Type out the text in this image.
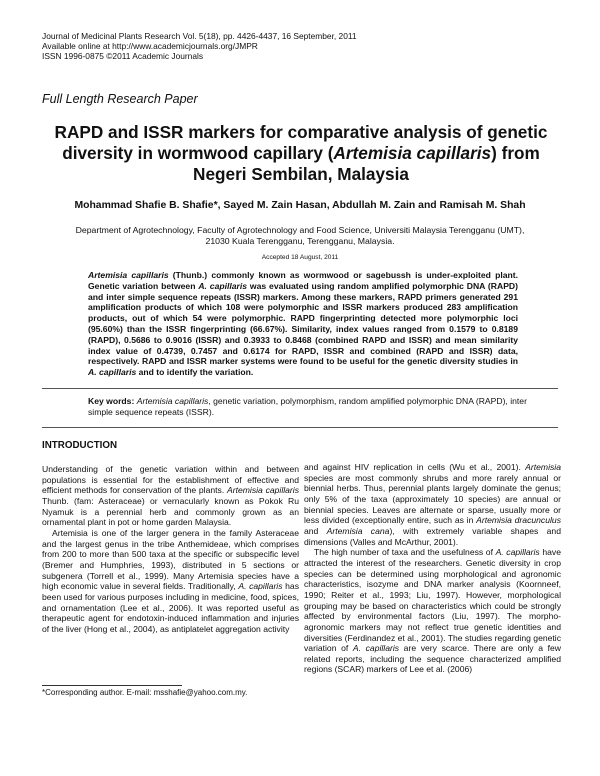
Journal of Medicinal Plants Research Vol. 5(18), pp. 4426-4437, 16 September, 2011
Available online at http://www.academicjournals.org/JMPR
ISSN 1996-0875 ©2011 Academic Journals
Full Length Research Paper
RAPD and ISSR markers for comparative analysis of genetic diversity in wormwood capillary (Artemisia capillaris) from Negeri Sembilan, Malaysia
Mohammad Shafie B. Shafie*, Sayed M. Zain Hasan, Abdullah M. Zain and Ramisah M. Shah
Department of Agrotechnology, Faculty of Agrotechnology and Food Science, Universiti Malaysia Terengganu (UMT),
21030 Kuala Terengganu, Terengganu, Malaysia.
Accepted 18 August, 2011
Artemisia capillaris (Thunb.) commonly known as wormwood or sagebussh is under-exploited plant. Genetic variation between A. capillaris was evaluated using random amplified polymorphic DNA (RAPD) and inter simple sequence repeats (ISSR) markers. Among these markers, RAPD primers generated 291 amplification products of which 108 were polymorphic and ISSR markers produced 283 amplification products, out of which 54 were polymorphic. RAPD fingerprinting detected more polymorphic loci (95.60%) than the ISSR fingerprinting (66.67%). Similarity, index values ranged from 0.1579 to 0.8189 (RAPD), 0.5686 to 0.9016 (ISSR) and 0.3933 to 0.8468 (combined RAPD and ISSR) and mean similarity index value of 0.4739, 0.7457 and 0.6174 for RAPD, ISSR and combined (RAPD and ISSR) data, respectively. RAPD and ISSR marker systems were found to be useful for the genetic diversity studies in A. capillaris and to identify the variation.
Key words: Artemisia capillaris, genetic variation, polymorphism, random amplified polymorphic DNA (RAPD), inter simple sequence repeats (ISSR).
INTRODUCTION

Understanding of the genetic variation within and between populations is essential for the establishment of effective and efficient methods for conservation of the plants. Artemisia capillaris Thunb. (fam: Asteraceae) or vernacularly known as Pokok Ru Nyamuk is a perennial herb and commonly grown as an ornamental plant in pot or home garden Malaysia.

Artemisia is one of the larger genera in the family Asteraceae and the largest genus in the tribe Anthemideae, which comprises from 200 to more than 500 taxa at the specific or subspecific level (Bremer and Humphries, 1993), distributed in 5 sections or subgenera (Torrell et al., 1999). Many Artemisia species have a high economic value in several fields. Traditionally, A. capillaris has been used for various purposes including in medicine, food, spices, and ornamentation (Lee et al., 2006). It was reported useful as therapeutic agent for endotoxin-induced inflammation and injuries of the liver (Hong et al., 2004), as antiplatelet aggregation activity

and against HIV replication in cells (Wu et al., 2001). Artemisia species are most commonly shrubs and more rarely annual or biennial herbs. Thus, perennial plants largely dominate the genus; only 5% of the taxa (approximately 10 species) are annual or biennial species. Leaves are alternate or sparse, usually more or less divided (exceptionally entire, such as in Artemisia dracunculus and Artemisia cana), with extremely variable shapes and dimensions (Valles and McArthur, 2001).

The high number of taxa and the usefulness of A. capillaris have attracted the interest of the researchers. Genetic diversity in crop species can be determined using morphological and agronomic characteristics, isozyme and DNA marker analysis (Koornneef, 1990; Reiter et al., 1993; Liu, 1997). However, morphological grouping may be based on characteristics which could be strongly affected by environmental factors (Liu, 1997). The morpho-agronomic markers may not reflect true genetic identities and diversities (Ferdinandez et al., 2001). The studies regarding genetic variation of A. capillaris are very scarce. There are only a few related reports, including the sequence characterized amplified regions (SCAR) markers of Lee et al. (2006)

*Corresponding author. E-mail: msshafie@yahoo.com.my.
